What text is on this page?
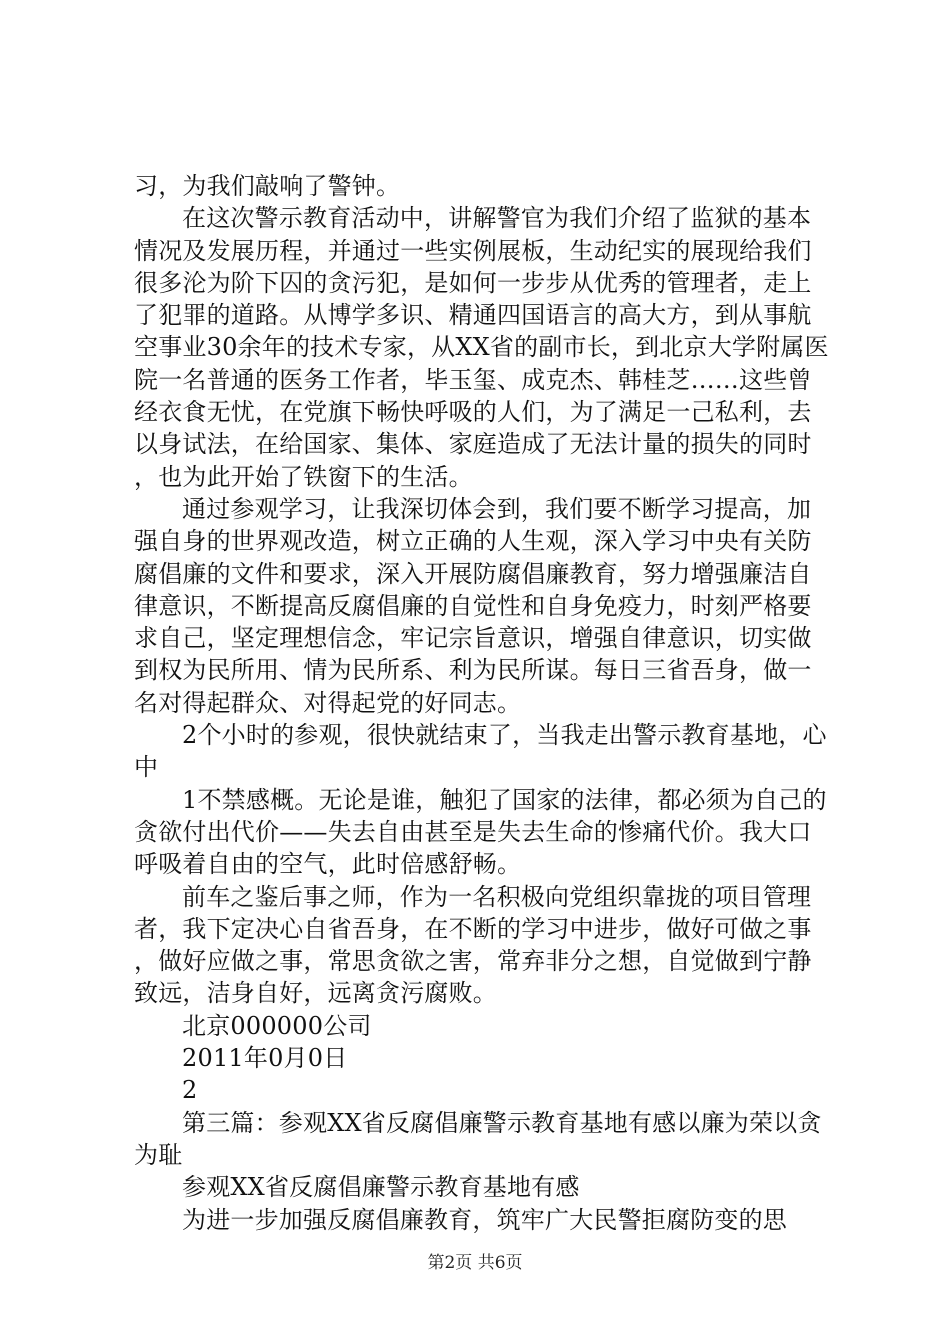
习，为我们敲响了警钟。

在这次警示教育活动中，讲解警官为我们介绍了监狱的基本情况及发展历程，并通过一些实例展板，生动纪实的展现给我们很多沦为阶下囚的贪污犯，是如何一步步从优秀的管理者，走上了犯罪的道路。从博学多识、精通四国语言的高大方，到从事航空事业30余年的技术专家，从XX省的副市长，到北京大学附属医院一名普通的医务工作者，毕玉玺、成克杰、韩桂芝……这些曾经衣食无忧，在党旗下畅快呼吸的人们，为了满足一己私利，去以身试法，在给国家、集体、家庭造成了无法计量的损失的同时，也为此开始了铁窗下的生活。

通过参观学习，让我深切体会到，我们要不断学习提高，加强自身的世界观改造，树立正确的人生观，深入学习中央有关防腐倡廉的文件和要求，深入开展防腐倡廉教育，努力增强廉洁自律意识，不断提高反腐倡廉的自觉性和自身免疫力，时刻严格要求自己，坚定理想信念，牢记宗旨意识，增强自律意识，切实做到权为民所用、情为民所系、利为民所谋。每日三省吾身，做一名对得起群众、对得起党的好同志。

2个小时的参观，很快就结束了，当我走出警示教育基地，心中

1不禁感概。无论是谁，触犯了国家的法律，都必须为自己的贪欲付出代价——失去自由甚至是失去生命的惨痛代价。我大口呼吸着自由的空气，此时倍感舒畅。

前车之鉴后事之师，作为一名积极向党组织靠拢的项目管理者，我下定决心自省吾身，在不断的学习中进步，做好可做之事，做好应做之事，常思贪欲之害，常弃非分之想，自觉做到宁静致远，洁身自好，远离贪污腐败。

北京000000公司

2011年0月0日

2

第三篇：参观XX省反腐倡廉警示教育基地有感以廉为荣以贪为耻

参观XX省反腐倡廉警示教育基地有感

为进一步加强反腐倡廉教育，筑牢广大民警拒腐防变的思

第2页 共6页
